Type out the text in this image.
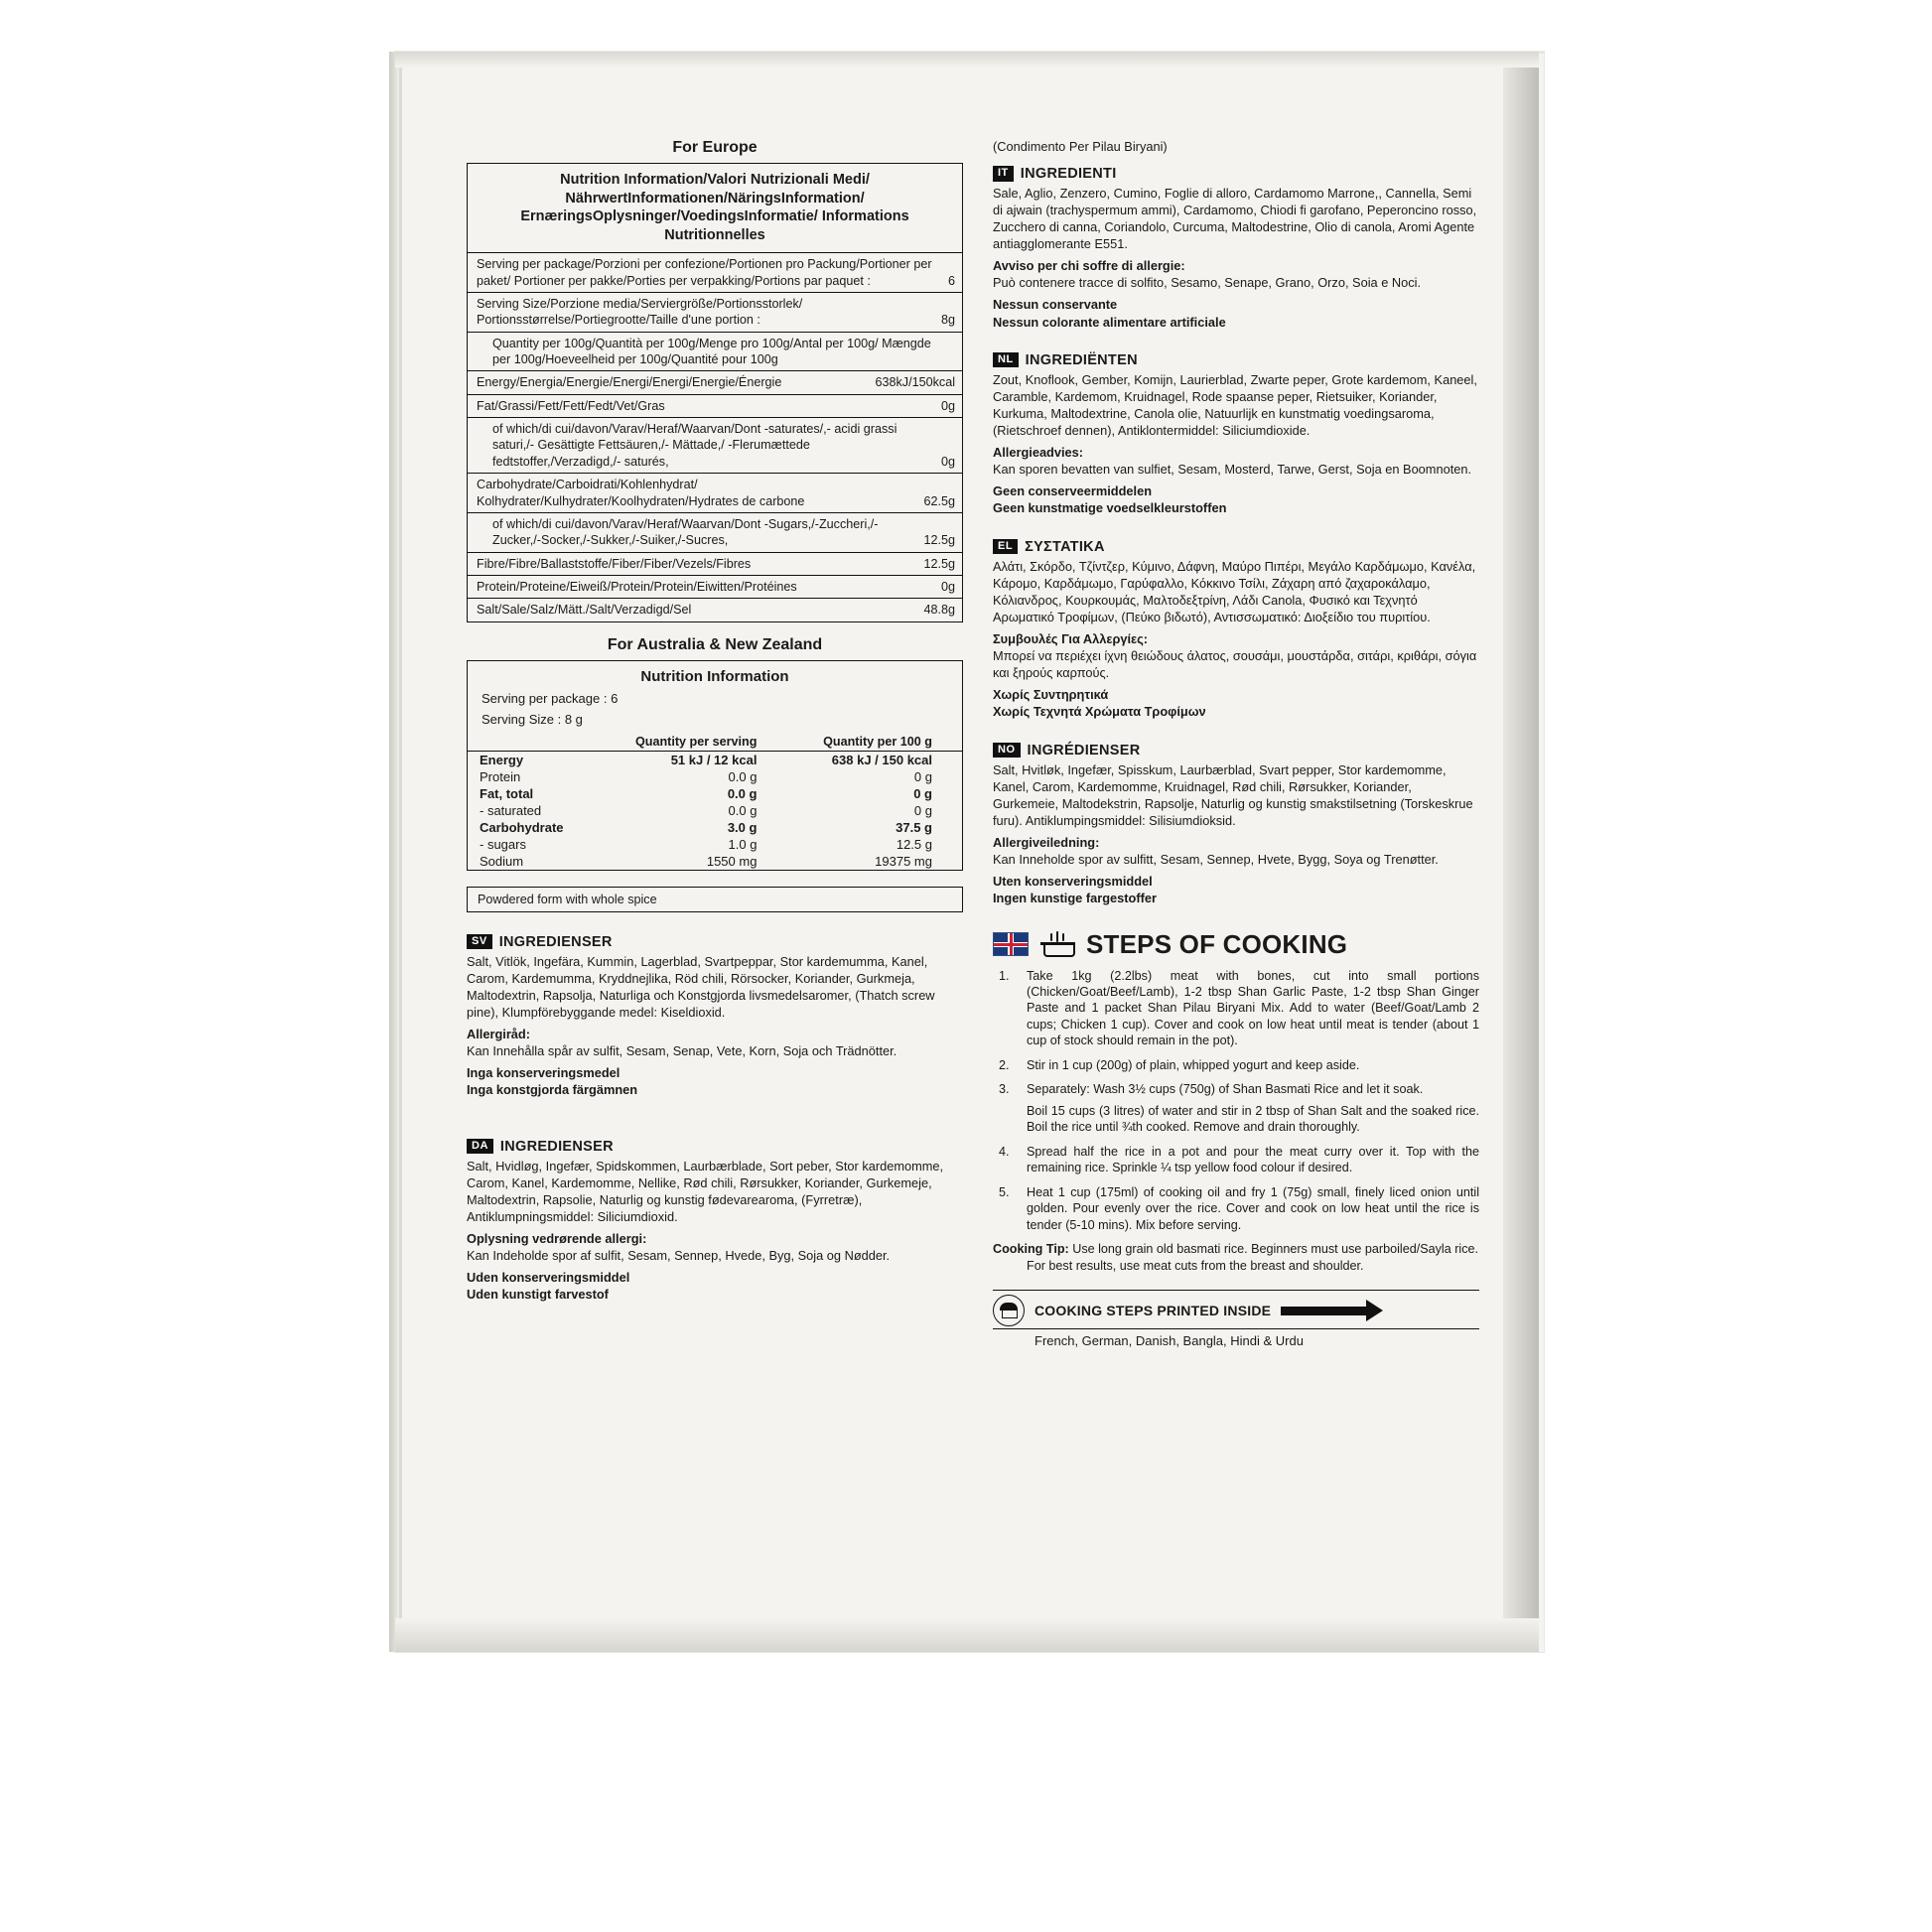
For Europe
Nutrition Information/Valori Nutrizionali Medi/ NährwertInformationen/NäringsInformation/ ErnæringsOplysninger/VoedingsInformatie/ Informations Nutritionnelles
Serving per package/Porzioni per confezione/Portionen pro Packung/Portioner per paket/ Portioner per pakke/Porties per verpakking/Portions par paquet :	6
Serving Size/Porzione media/Serviergröße/Portionsstorlek/ Portionsstørrelse/Portiegrootte/Taille d'une portion :	8g
Quantity per 100g/Quantità per 100g/Menge pro 100g/Antal per 100g/ Mængde per 100g/Hoeveelheid per 100g/Quantité pour 100g
Energy/Energia/Energie/Energi/Energi/Energie/Énergie	638kJ/150kcal
Fat/Grassi/Fett/Fett/Fedt/Vet/Gras	0g
of which/di cui/davon/Varav/Heraf/Waarvan/Dont -saturates/,- acidi grassi saturi,/- Gesättigte Fettsäuren,/- Mättade,/ -Flerumættede fedtstoffer,/Verzadigd,/- saturés,	0g
Carbohydrate/Carboidrati/Kohlenhydrat/ Kolhydrater/Kulhydrater/Koolhydraten/Hydrates de carbone	62.5g
of which/di cui/davon/Varav/Heraf/Waarvan/Dont -Sugars,/-Zuccheri,/-Zucker,/-Socker,/-Sukker,/-Suiker,/-Sucres,	12.5g
Fibre/Fibre/Ballaststoffe/Fiber/Fiber/Vezels/Fibres	12.5g
Protein/Proteine/Eiweiß/Protein/Protein/Eiwitten/Protéines	0g
Salt/Sale/Salz/Mätt./Salt/Verzadigd/Sel	48.8g
For Australia & New Zealand
Nutrition Information
Serving per package : 6
Serving Size : 8 g
	Quantity per serving	Quantity per 100 g
Energy	51 kJ / 12 kcal	638 kJ / 150 kcal
Protein	0.0 g	0 g
Fat, total	0.0 g	0 g
- saturated	0.0 g	0 g
Carbohydrate	3.0 g	37.5 g
- sugars	1.0 g	12.5 g
Sodium	1550 mg	19375 mg
Powdered form with whole spice
SV INGREDIENSER
Salt, Vitlök, Ingefära, Kummin, Lagerblad, Svartpeppar, Stor kardemumma, Kanel, Carom, Kardemumma, Kryddnejlika, Röd chili, Rörsocker, Koriander, Gurkmeja, Maltodextrin, Rapsolja, Naturliga och Konstgjorda livsmedelsaromer, (Thatch screw pine), Klumpförebyggande medel: Kiseldioxid.
Allergiråd:
Kan Innehålla spår av sulfit, Sesam, Senap, Vete, Korn, Soja och Trädnötter.
Inga konserveringsmedel
Inga konstgjorda färgämnen
DA INGREDIENSER
Salt, Hvidløg, Ingefær, Spidskommen, Laurbærblade, Sort peber, Stor kardemomme, Carom, Kanel, Kardemomme, Nellike, Rød chili, Rørsukker, Koriander, Gurkemeje, Maltodextrin, Rapsolie, Naturlig og kunstig fødevarearoma, (Fyrretræ), Antiklumpningsmiddel: Siliciumdioxid.
Oplysning vedrørende allergi:
Kan Indeholde spor af sulfit, Sesam, Sennep, Hvede, Byg, Soja og Nødder.
Uden konserveringsmiddel
Uden kunstigt farvestof
(Condimento Per Pilau Biryani)
IT INGREDIENTI
Sale, Aglio, Zenzero, Cumino, Foglie di alloro, Cardamomo Marrone,, Cannella, Semi di ajwain (trachyspermum ammi), Cardamomo, Chiodi fi garofano, Peperoncino rosso, Zucchero di canna, Coriandolo, Curcuma, Maltodestrine, Olio di canola, Aromi Agente antiagglomerante E551.
Avviso per chi soffre di allergie:
Può contenere tracce di solfito, Sesamo, Senape, Grano, Orzo, Soia e Noci.
Nessun conservante
Nessun colorante alimentare artificiale
NL INGREDIËNTEN
Zout, Knoflook, Gember, Komijn, Laurierblad, Zwarte peper, Grote kardemom, Kaneel, Caramble, Kardemom, Kruidnagel, Rode spaanse peper, Rietsuiker, Koriander, Kurkuma, Maltodextrine, Canola olie, Natuurlijk en kunstmatig voedingsaroma, (Rietschroef dennen), Antiklontermiddel: Siliciumdioxide.
Allergieadvies:
Kan sporen bevatten van sulfiet, Sesam, Mosterd, Tarwe, Gerst, Soja en Boomnoten.
Geen conserveermiddelen
Geen kunstmatige voedselkleurstoffen
EL ΣΥΣΤΑΤΙΚΑ
Αλάτι, Σκόρδο, Τζίντζερ, Κύμινο, Δάφνη, Μαύρο Πιπέρι, Μεγάλο Καρδάμωμο, Κανέλα, Κάρομο, Καρδάμωμο, Γαρύφαλλο, Κόκκινο Τσίλι, Ζάχαρη από ζαχαροκάλαμο, Κόλιανδρος, Κουρκουμάς, Μαλτοδεξτρίνη, Λάδι Canola, Φυσικό και Τεχνητό Αρωματικό Τροφίμων, (Πεύκο βιδωτό), Αντισσωματικό: Διοξείδιο του πυριτίου.
Συμβουλές Για Αλλεργίες:
Μπορεί να περιέχει ίχνη θειώδους άλατος, σουσάμι, μουστάρδα, σιτάρι, κριθάρι, σόγια και ξηρούς καρπούς.
Χωρίς Συντηρητικά
Χωρίς Τεχνητά Χρώματα Τροφίμων
NO INGRÉDIENSER
Salt, Hvitløk, Ingefær, Spisskum, Laurbærblad, Svart pepper, Stor kardemomme, Kanel, Carom, Kardemomme, Kruidnagel, Rød chili, Rørsukker, Koriander, Gurkemeie, Maltodekstrin, Rapsolje, Naturlig og kunstig smakstilsetning (Torskeskrue furu). Antiklumpingsmiddel: Silisiumdioksid.
Allergiveiledning:
Kan Inneholde spor av sulfitt, Sesam, Sennep, Hvete, Bygg, Soya og Trenøtter.
Uten konserveringsmiddel
Ingen kunstige fargestoffer
STEPS OF COOKING
Take 1kg (2.2lbs) meat with bones, cut into small portions (Chicken/Goat/Beef/Lamb), 1-2 tbsp Shan Garlic Paste, 1-2 tbsp Shan Ginger Paste and 1 packet Shan Pilau Biryani Mix. Add to water (Beef/Goat/Lamb 2 cups; Chicken 1 cup). Cover and cook on low heat until meat is tender (about 1 cup of stock should remain in the pot).
Stir in 1 cup (200g) of plain, whipped yogurt and keep aside.
Separately: Wash 3½ cups (750g) of Shan Basmati Rice and let it soak.
Boil 15 cups (3 litres) of water and stir in 2 tbsp of Shan Salt and the soaked rice. Boil the rice until ¾th cooked. Remove and drain thoroughly.
Spread half the rice in a pot and pour the meat curry over it. Top with the remaining rice. Sprinkle ¼ tsp yellow food colour if desired.
Heat 1 cup (175ml) of cooking oil and fry 1 (75g) small, finely liced onion until golden. Pour evenly over the rice. Cover and cook on low heat until the rice is tender (5-10 mins). Mix before serving.
Cooking Tip: Use long grain old basmati rice. Beginners must use parboiled/Sayla rice.
For best results, use meat cuts from the breast and shoulder.
COOKING STEPS PRINTED INSIDE
French, German, Danish, Bangla, Hindi & Urdu
